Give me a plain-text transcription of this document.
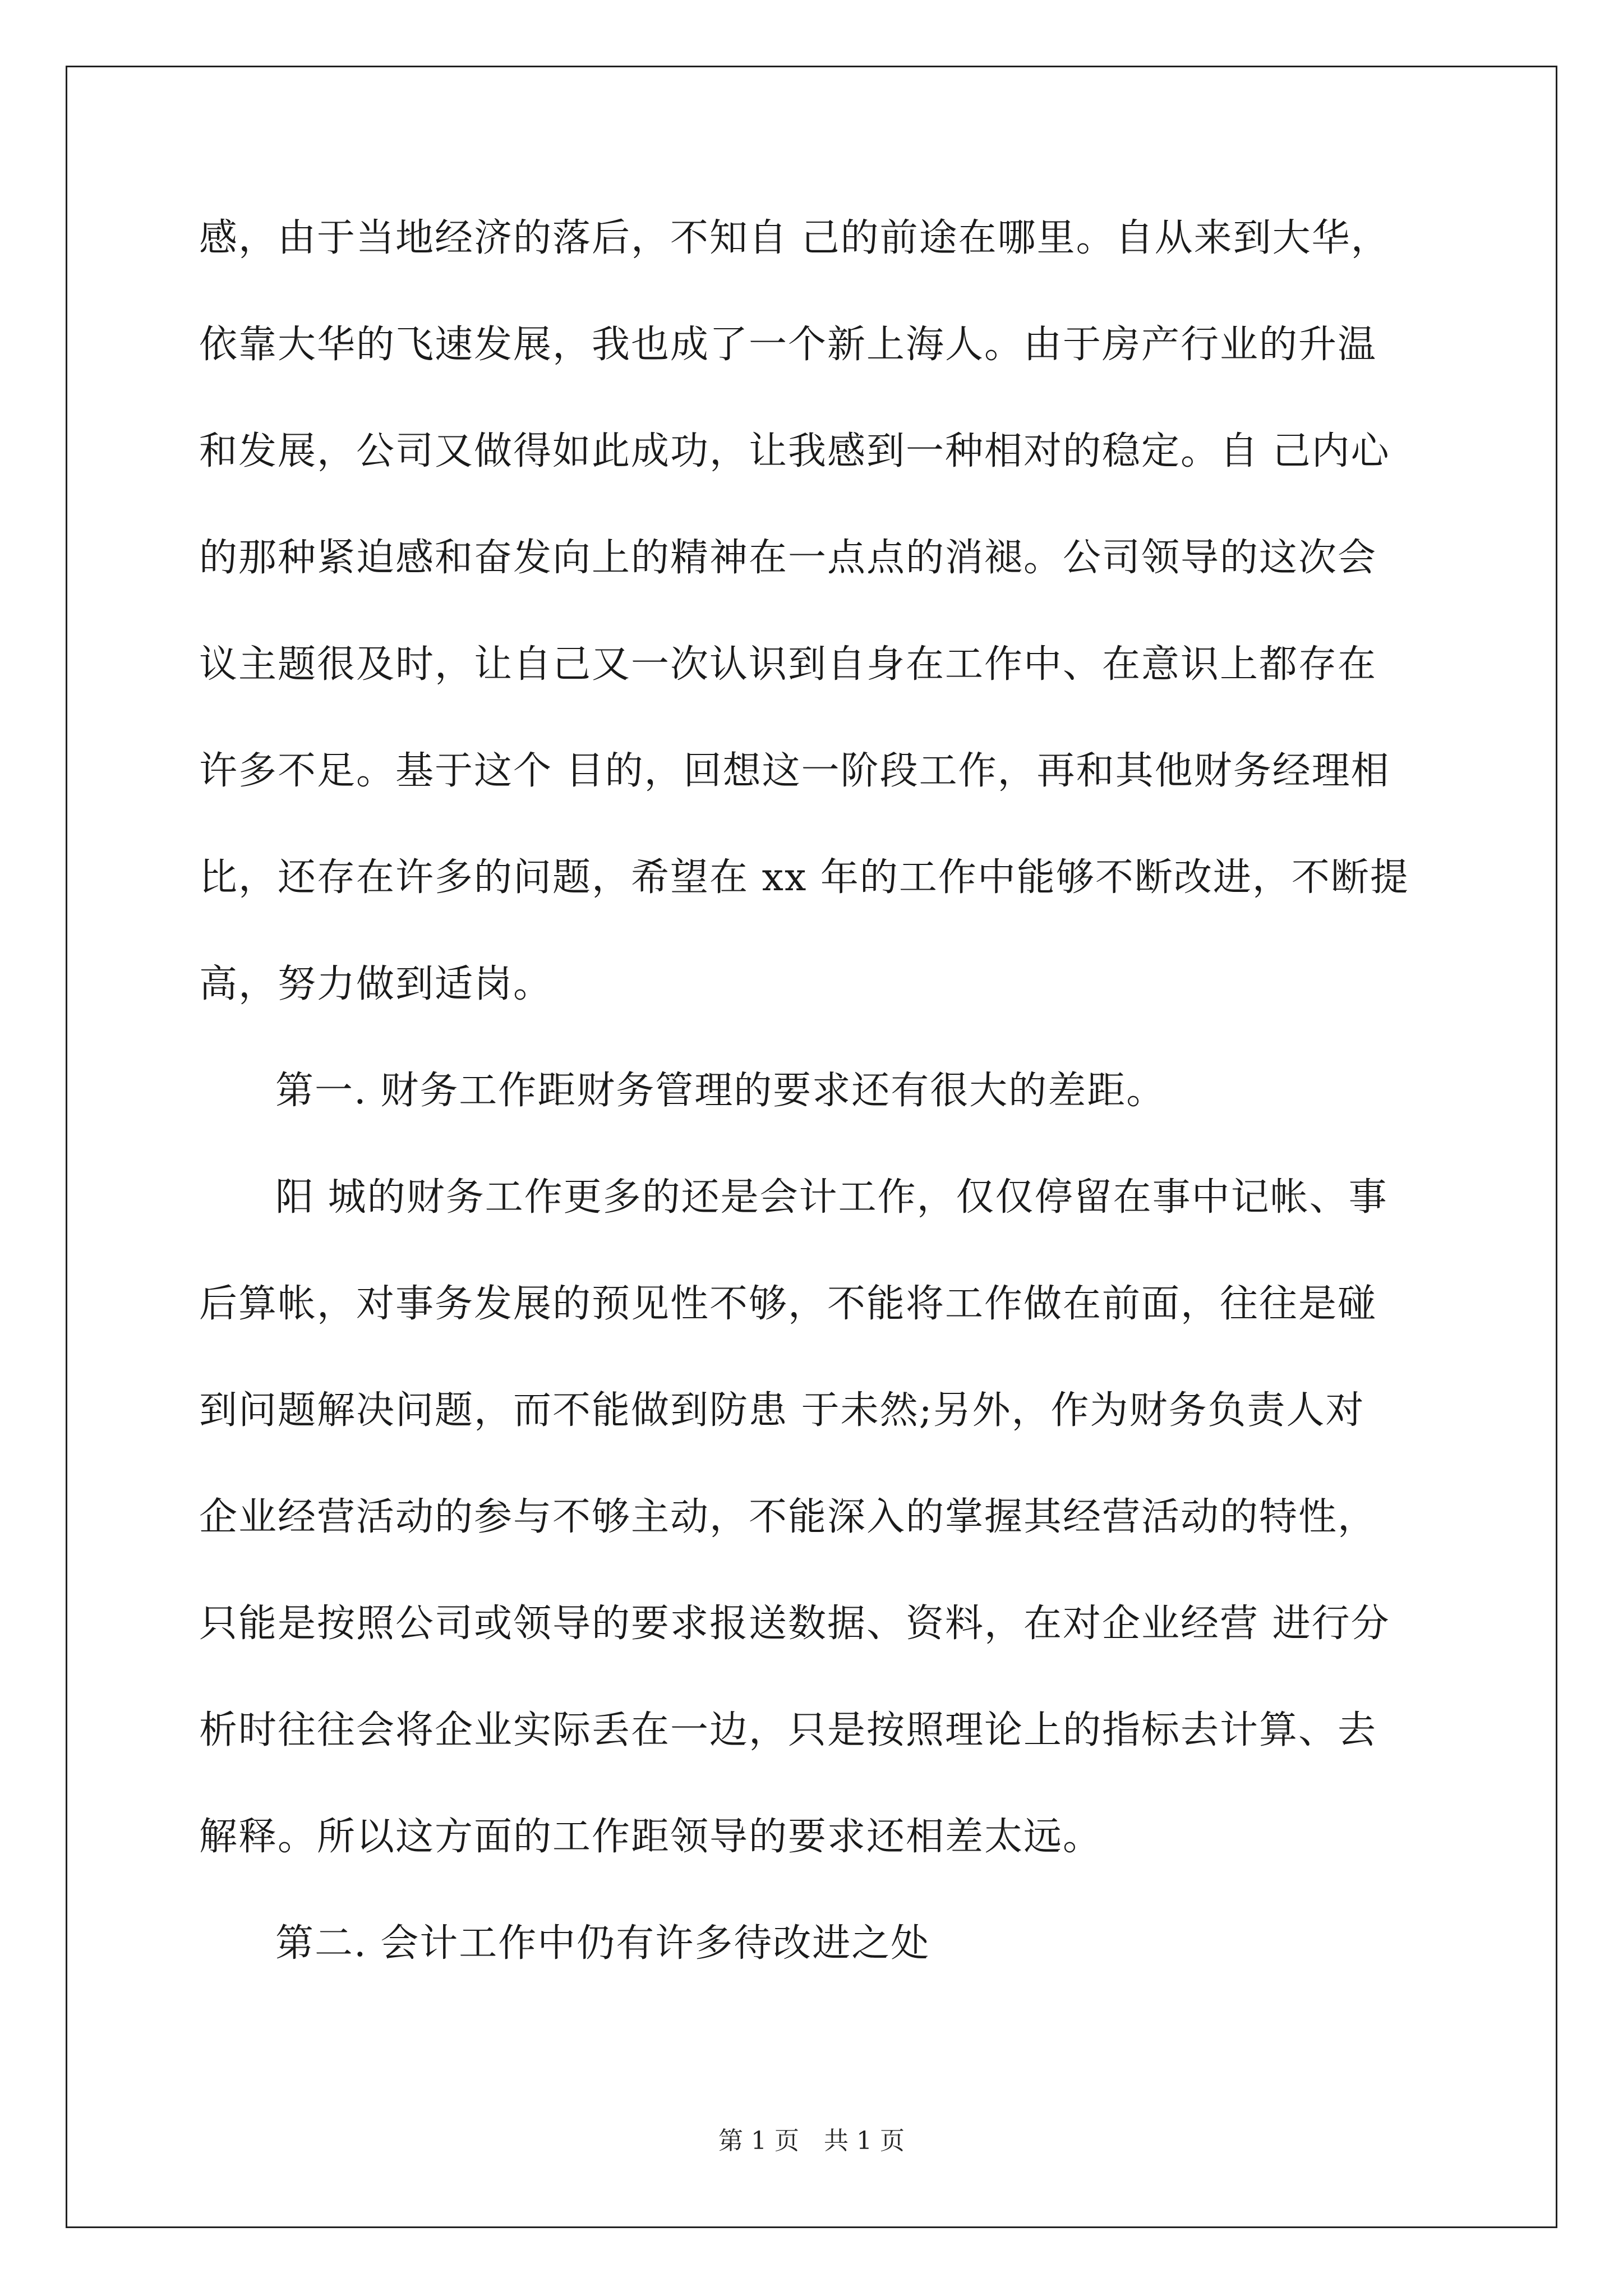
感，由于当地经济的落后，不知自 己的前途在哪里。自从来到大华，
依靠大华的飞速发展，我也成了一个新上海人。由于房产行业的升温
和发展，公司又做得如此成功，让我感到一种相对的稳定。自 己内心
的那种紧迫感和奋发向上的精神在一点点的消褪。公司领导的这次会
议主题很及时，让自己又一次认识到自身在工作中、在意识上都存在
许多不足。基于这个 目的，回想这一阶段工作，再和其他财务经理相
比，还存在许多的问题，希望在 xx 年的工作中能够不断改进，不断提
高，努力做到适岗。
第一. 财务工作距财务管理的要求还有很大的差距。
阳 城的财务工作更多的还是会计工作，仅仅停留在事中记帐、事
后算帐，对事务发展的预见性不够，不能将工作做在前面，往往是碰
到问题解决问题，而不能做到防患 于未然;另外，作为财务负责人对
企业经营活动的参与不够主动，不能深入的掌握其经营活动的特性，
只能是按照公司或领导的要求报送数据、资料，在对企业经营 进行分
析时往往会将企业实际丢在一边，只是按照理论上的指标去计算、去
解释。所以这方面的工作距领导的要求还相差太远。
第二. 会计工作中仍有许多待改进之处
第 1 页　共 1 页
